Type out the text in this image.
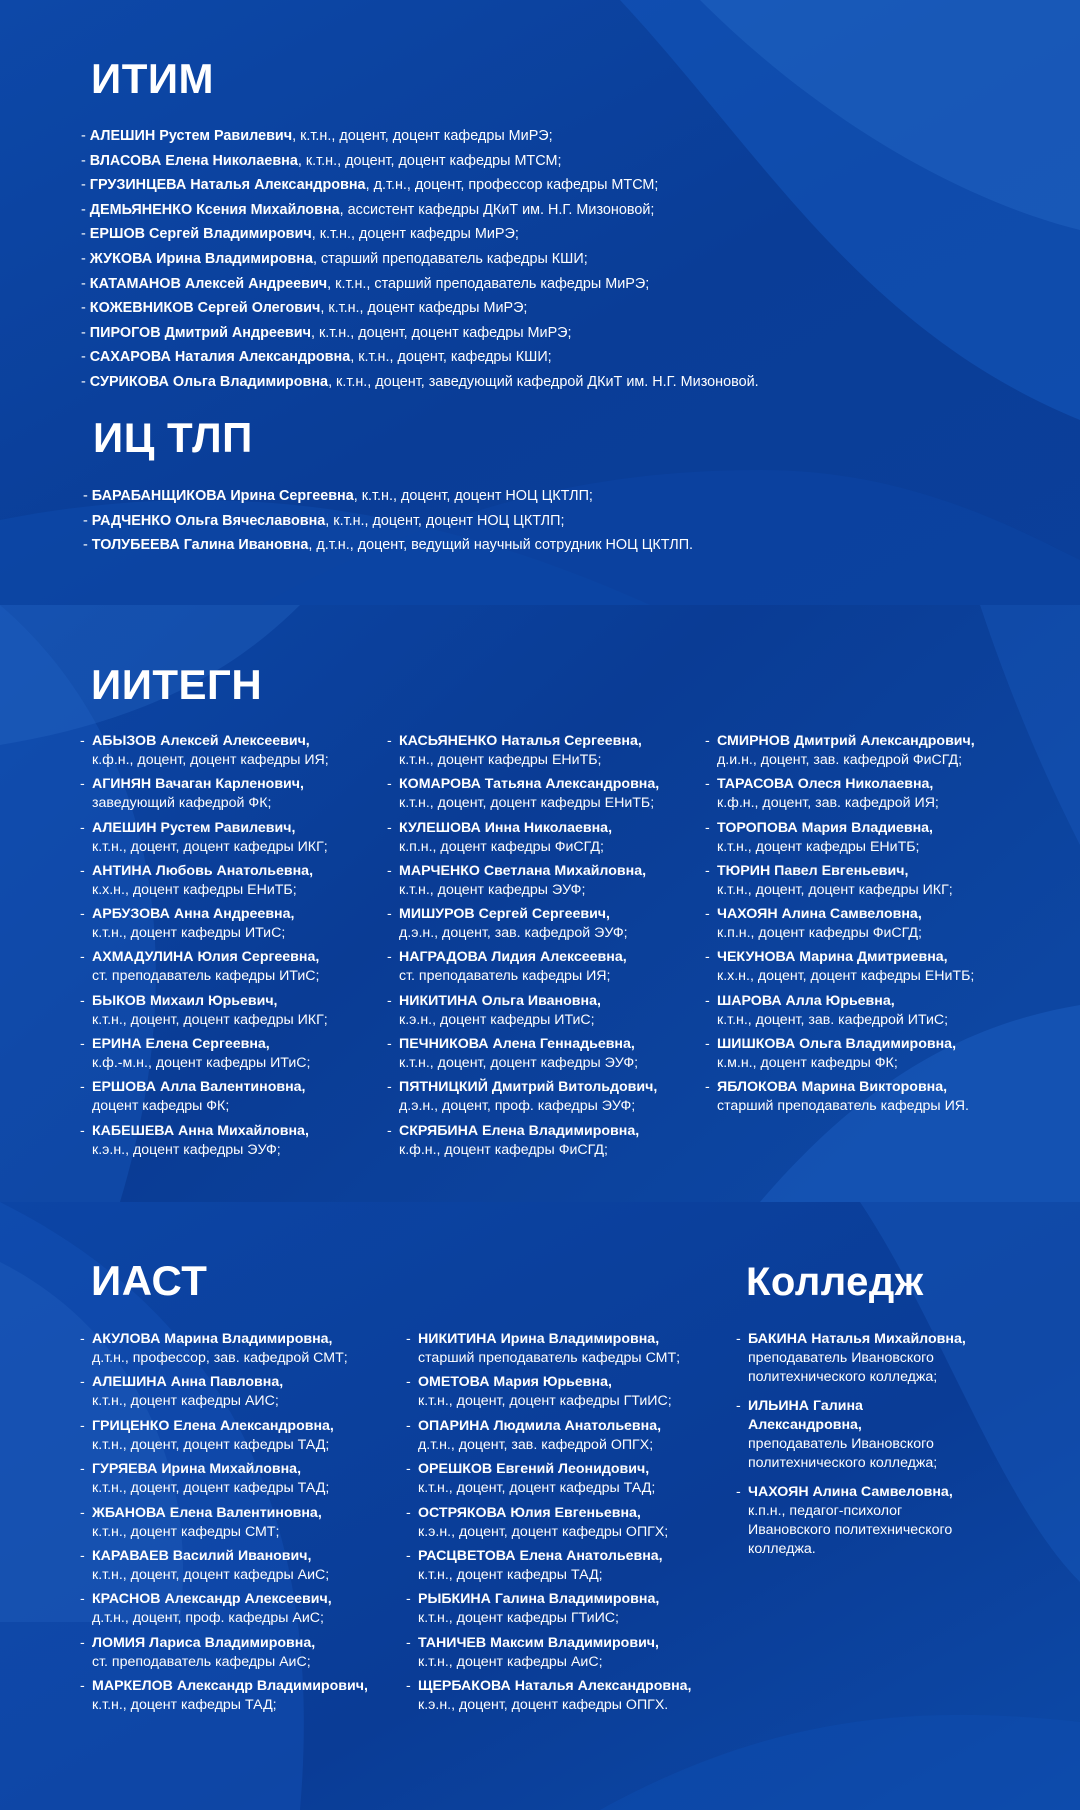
ИТИМ
- АЛЕШИН Рустем Равилевич, к.т.н., доцент, доцент кафедры МиРЭ;
- ВЛАСОВА Елена Николаевна, к.т.н., доцент, доцент кафедры МТСМ;
- ГРУЗИНЦЕВА Наталья Александровна, д.т.н., доцент, профессор кафедры МТСМ;
- ДЕМЬЯНЕНКО Ксения Михайловна, ассистент кафедры ДКиТ им. Н.Г. Мизоновой;
- ЕРШОВ Сергей Владимирович, к.т.н., доцент кафедры МиРЭ;
- ЖУКОВА Ирина Владимировна, старший преподаватель кафедры КШИ;
- КАТАМАНОВ Алексей Андреевич, к.т.н., старший преподаватель кафедры МиРЭ;
- КОЖЕВНИКОВ Сергей Олегович, к.т.н., доцент кафедры МиРЭ;
- ПИРОГОВ Дмитрий Андреевич, к.т.н., доцент, доцент кафедры МиРЭ;
- САХАРОВА Наталия Александровна, к.т.н., доцент, кафедры КШИ;
- СУРИКОВА Ольга Владимировна, к.т.н., доцент, заведующий кафедрой ДКиТ им. Н.Г. Мизоновой.
ИЦ ТЛП
- БАРАБАНЩИКОВА Ирина Сергеевна, к.т.н., доцент, доцент НОЦ ЦКТЛП;
- РАДЧЕНКО Ольга Вячеславовна, к.т.н., доцент, доцент НОЦ ЦКТЛП;
- ТОЛУБЕЕВА Галина Ивановна, д.т.н., доцент, ведущий научный сотрудник НОЦ ЦКТЛП.
ИИТЕГН
- АБЫЗОВ Алексей Алексеевич,
к.ф.н., доцент, доцент кафедры ИЯ;
- АГИНЯН Вачаган Карленович,
заведующий кафедрой ФК;
- АЛЕШИН Рустем Равилевич,
к.т.н., доцент, доцент кафедры ИКГ;
- АНТИНА Любовь Анатольевна,
к.х.н., доцент кафедры ЕНиТБ;
- АРБУЗОВА Анна Андреевна,
к.т.н., доцент кафедры ИТиС;
- АХМАДУЛИНА Юлия Сергеевна,
ст. преподаватель кафедры ИТиС;
- БЫКОВ Михаил Юрьевич,
к.т.н., доцент, доцент кафедры ИКГ;
- ЕРИНА Елена Сергеевна,
к.ф.-м.н., доцент кафедры ИТиС;
- ЕРШОВА Алла Валентиновна,
доцент кафедры ФК;
- КАБЕШЕВА Анна Михайловна,
к.э.н., доцент кафедры ЭУФ;
- КАСЬЯНЕНКО Наталья Сергеевна,
к.т.н., доцент кафедры ЕНиТБ;
- КОМАРОВА Татьяна Александровна,
к.т.н., доцент, доцент кафедры ЕНиТБ;
- КУЛЕШОВА Инна Николаевна,
к.п.н., доцент кафедры ФиСГД;
- МАРЧЕНКО Светлана Михайловна,
к.т.н., доцент кафедры ЭУФ;
- МИШУРОВ Сергей Сергеевич,
д.э.н., доцент, зав. кафедрой ЭУФ;
- НАГРАДОВА Лидия Алексеевна,
ст. преподаватель кафедры ИЯ;
- НИКИТИНА Ольга Ивановна,
к.э.н., доцент кафедры ИТиС;
- ПЕЧНИКОВА Алена Геннадьевна,
к.т.н., доцент, доцент кафедры ЭУФ;
- ПЯТНИЦКИЙ Дмитрий Витольдович,
д.э.н., доцент, проф. кафедры ЭУФ;
- СКРЯБИНА Елена Владимировна,
к.ф.н., доцент кафедры ФиСГД;
- СМИРНОВ Дмитрий Александрович,
д.и.н., доцент, зав. кафедрой ФиСГД;
- ТАРАСОВА Олеся Николаевна,
к.ф.н., доцент, зав. кафедрой ИЯ;
- ТОРОПОВА Мария Владиевна,
к.т.н., доцент кафедры ЕНиТБ;
- ТЮРИН Павел Евгеньевич,
к.т.н., доцент, доцент кафедры ИКГ;
- ЧАХОЯН Алина Самвеловна,
к.п.н., доцент кафедры ФиСГД;
- ЧЕКУНОВА Марина Дмитриевна,
к.х.н., доцент, доцент кафедры ЕНиТБ;
- ШАРОВА Алла Юрьевна,
к.т.н., доцент, зав. кафедрой ИТиС;
- ШИШКОВА Ольга Владимировна,
к.м.н., доцент кафедры ФК;
- ЯБЛОКОВА Марина Викторовна,
старший преподаватель кафедры ИЯ.
ИАСТ
- АКУЛОВА Марина Владимировна,
д.т.н., профессор, зав. кафедрой СМТ;
- АЛЕШИНА Анна Павловна,
к.т.н., доцент кафедры АИС;
- ГРИЦЕНКО Елена Александровна,
к.т.н., доцент, доцент кафедры ТАД;
- ГУРЯЕВА Ирина Михайловна,
к.т.н., доцент, доцент кафедры ТАД;
- ЖБАНОВА Елена Валентиновна,
к.т.н., доцент кафедры СМТ;
- КАРАВАЕВ Василий Иванович,
к.т.н., доцент, доцент кафедры АиС;
- КРАСНОВ Александр Алексеевич,
д.т.н., доцент, проф. кафедры АиС;
- ЛОМИЯ Лариса Владимировна,
ст. преподаватель кафедры АиС;
- МАРКЕЛОВ Александр Владимирович,
к.т.н., доцент кафедры ТАД;
- НИКИТИНА Ирина Владимировна,
старший преподаватель кафедры СМТ;
- ОМЕТОВА Мария Юрьевна,
к.т.н., доцент, доцент кафедры ГТиИС;
- ОПАРИНА Людмила Анатольевна,
д.т.н., доцент, зав. кафедрой ОПГХ;
- ОРЕШКОВ Евгений Леонидович,
к.т.н., доцент, доцент кафедры ТАД;
- ОСТРЯКОВА Юлия Евгеньевна,
к.э.н., доцент, доцент кафедры ОПГХ;
- РАСЦВЕТОВА Елена Анатольевна,
к.т.н., доцент кафедры ТАД;
- РЫБКИНА Галина Владимировна,
к.т.н., доцент кафедры ГТиИС;
- ТАНИЧЕВ Максим Владимирович,
к.т.н., доцент кафедры АиС;
- ЩЕРБАКОВА Наталья Александровна,
к.э.н., доцент, доцент кафедры ОПГХ.
Колледж
- БАКИНА Наталья Михайловна,
преподаватель Ивановского политехнического колледжа;
- ИЛЬИНА Галина Александровна,
преподаватель Ивановского политехнического колледжа;
- ЧАХОЯН Алина Самвеловна,
к.п.н., педагог-психолог Ивановского политехнического колледжа.
